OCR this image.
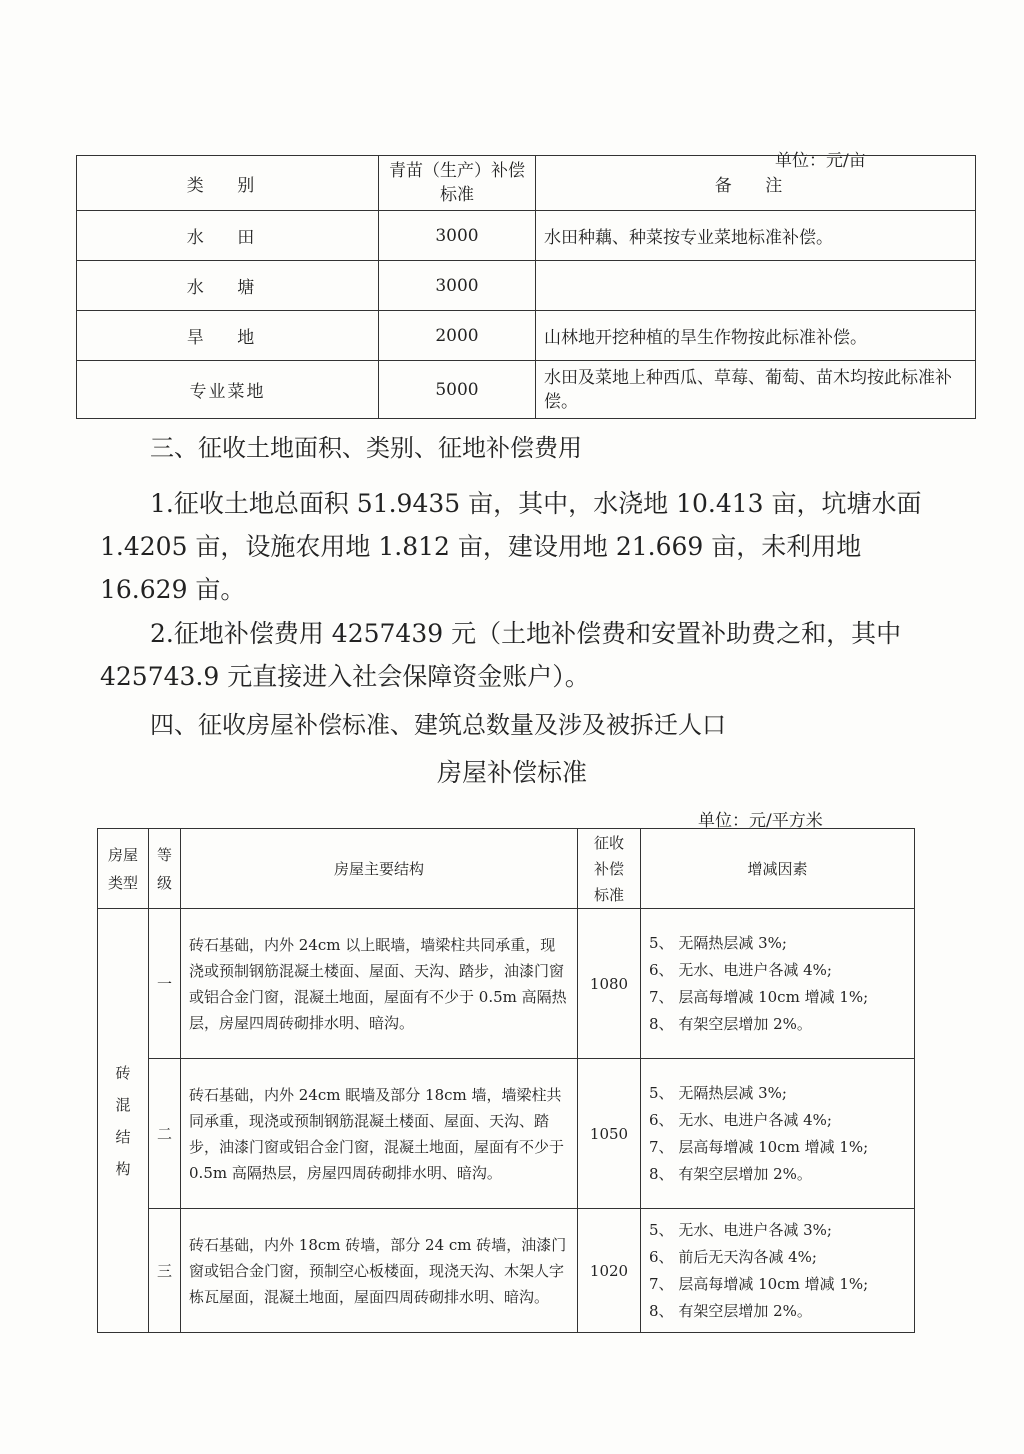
单位：元/亩
类 别	青苗（生产）补偿标准	备 注
水 田	3000	水田种藕、种菜按专业菜地标准补偿。
水 塘	3000	
旱 地	2000	山林地开挖种植的旱生作物按此标准补偿。
专业菜地	5000	水田及菜地上种西瓜、草莓、葡萄、苗木均按此标准补偿。
三、征收土地面积、类别、征地补偿费用
1.征收土地总面积 51.9435 亩，其中，水浇地 10.413 亩，坑塘水面 1.4205 亩，设施农用地 1.812 亩，建设用地 21.669 亩，未利用地 16.629 亩。
2.征地补偿费用 4257439 元（土地补偿费和安置补助费之和，其中 425743.9 元直接进入社会保障资金账户）。
四、征收房屋补偿标准、建筑总数量及涉及被拆迁人口
房屋补偿标准
单位：元/平方米
房屋类型	等级	房屋主要结构	征收补偿标准	增减因素

砖混结构	一	砖石基础，内外 24cm 以上眠墙，墙梁柱共同承重，现浇或预制钢筋混凝土楼面、屋面、天沟、踏步，油漆门窗或铝合金门窗，混凝土地面，屋面有不少于 0.5m 高隔热层，房屋四周砖砌排水明、暗沟。	1080	5、 无隔热层减 3%;
6、 无水、电进户各减 4%;
7、 层高每增减 10cm 增减 1%;
8、 有架空层增加 2%。

	二	砖石基础，内外 24cm 眠墙及部分 18cm 墙，墙梁柱共同承重，现浇或预制钢筋混凝土楼面、屋面、天沟、踏步，油漆门窗或铝合金门窗，混凝土地面，屋面有不少于 0.5m 高隔热层，房屋四周砖砌排水明、暗沟。	1050	5、 无隔热层减 3%;
6、 无水、电进户各减 4%;
7、 层高每增减 10cm 增减 1%;
8、 有架空层增加 2%。

	三	砖石基础，内外 18cm 砖墙，部分 24 cm 砖墙，油漆门窗或铝合金门窗，预制空心板楼面，现浇天沟、木架人字栋瓦屋面，混凝土地面，屋面四周砖砌排水明、暗沟。	1020	5、 无水、电进户各减 3%;
6、 前后无天沟各减 4%;
7、 层高每增减 10cm 增减 1%;
8、 有架空层增加 2%。
